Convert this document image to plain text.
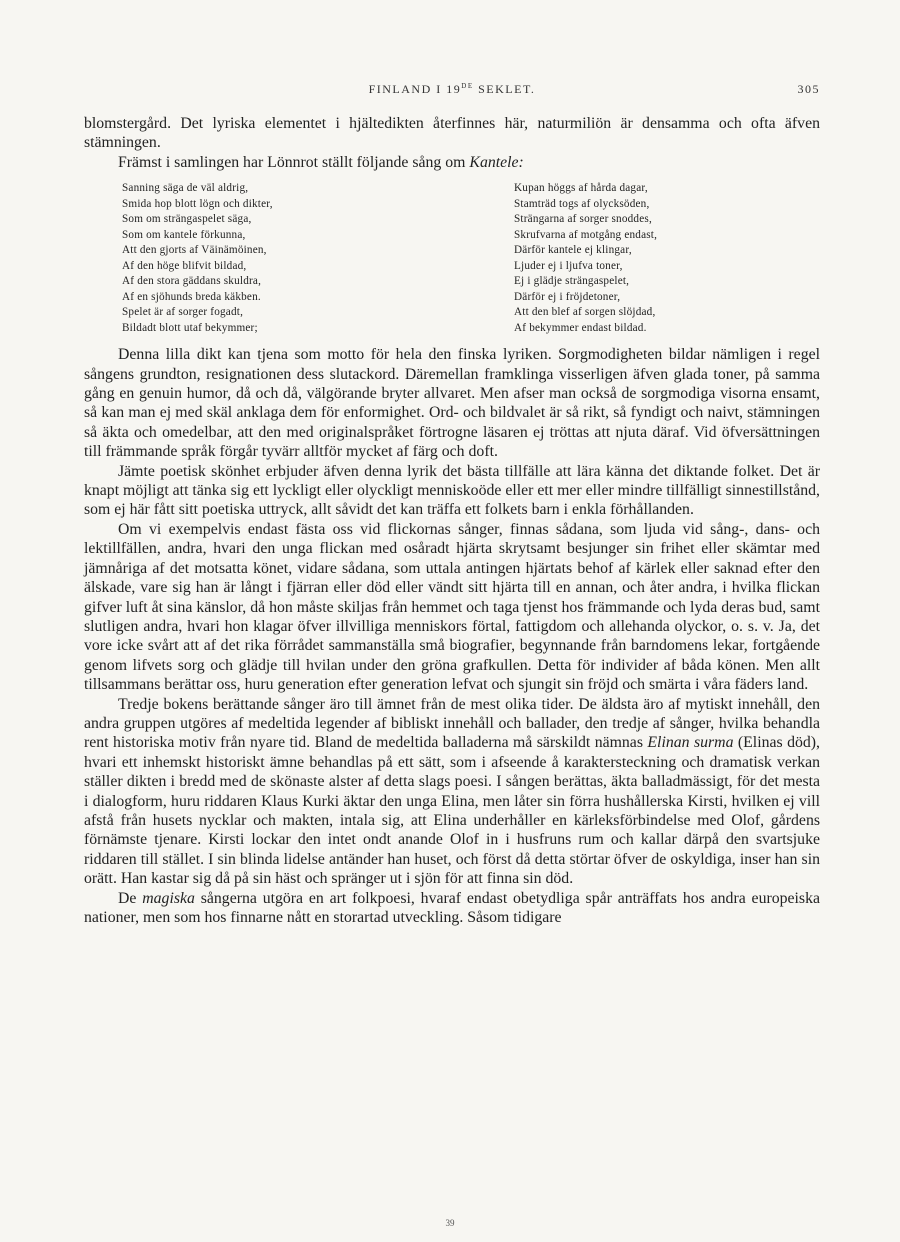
FINLAND I 19DE SEKLET.	305

blomstergård. Det lyriska elementet i hjältedikten återfinnes här, naturmiliön är densamma och ofta äfven stämningen.

Främst i samlingen har Lönnrot ställt följande sång om Kantele:

Sanning säga de väl aldrig,
Smida hop blott lögn och dikter,
Som om strängaspelet säga,
Som om kantele förkunna,
Att den gjorts af Väinämöinen,
Af den höge blifvit bildad,
Af den stora gäddans skuldra,
Af en sjöhunds breda käkben.
Spelet är af sorger fogadt,
Bildadt blott utaf bekymmer;
Kupan höggs af hårda dagar,
Stamträd togs af olycksöden,
Strängarna af sorger snoddes,
Skrufvarna af motgång endast,
Därför kantele ej klingar,
Ljuder ej i ljufva toner,
Ej i glädje strängaspelet,
Därför ej i fröjdetoner,
Att den blef af sorgen slöjdad,
Af bekymmer endast bildad.

Denna lilla dikt kan tjena som motto för hela den finska lyriken. Sorgmodigheten bildar nämligen i regel sångens grundton, resignationen dess slutackord. Däremellan framklinga visserligen äfven glada toner, på samma gång en genuin humor, då och då, välgörande bryter allvaret. Men afser man också de sorgmodiga visorna ensamt, så kan man ej med skäl anklaga dem för enformighet. Ord- och bildvalet är så rikt, så fyndigt och naivt, stämningen så äkta och omedelbar, att den med originalspråket förtrogne läsaren ej tröttas att njuta däraf. Vid öfversättningen till främmande språk förgår tyvärr alltför mycket af färg och doft.

Jämte poetisk skönhet erbjuder äfven denna lyrik det bästa tillfälle att lära känna det diktande folket. Det är knapt möjligt att tänka sig ett lyckligt eller olyckligt menniskoöde eller ett mer eller mindre tillfälligt sinnestillstånd, som ej här fått sitt poetiska uttryck, allt såvidt det kan träffa ett folkets barn i enkla förhållanden.

Om vi exempelvis endast fästa oss vid flickornas sånger, finnas sådana, som ljuda vid sång-, dans- och lektillfällen, andra, hvari den unga flickan med osåradt hjärta skrytsamt besjunger sin frihet eller skämtar med jämnåriga af det motsatta könet, vidare sådana, som uttala antingen hjärtats behof af kärlek eller saknad efter den älskade, vare sig han är långt i fjärran eller död eller vändt sitt hjärta till en annan, och åter andra, i hvilka flickan gifver luft åt sina känslor, då hon måste skiljas från hemmet och taga tjenst hos främmande och lyda deras bud, samt slutligen andra, hvari hon klagar öfver illvilliga menniskors förtal, fattigdom och allehanda olyckor, o. s. v. Ja, det vore icke svårt att af det rika förrådet sammanställa små biografier, begynnande från barndomens lekar, fortgående genom lifvets sorg och glädje till hvilan under den gröna grafkullen. Detta för individer af båda könen. Men allt tillsammans berättar oss, huru generation efter generation lefvat och sjungit sin fröjd och smärta i våra fäders land.

Tredje bokens berättande sånger äro till ämnet från de mest olika tider. De äldsta äro af mytiskt innehåll, den andra gruppen utgöres af medeltida legender af bibliskt innehåll och ballader, den tredje af sånger, hvilka behandla rent historiska motiv från nyare tid. Bland de medeltida balladerna må särskildt nämnas Elinan surma (Elinas död), hvari ett inhemskt historiskt ämne behandlas på ett sätt, som i afseende å karaktersteckning och dramatisk verkan ställer dikten i bredd med de skönaste alster af detta slags poesi. I sången berättas, äkta balladmässigt, för det mesta i dialogform, huru riddaren Klaus Kurki äktar den unga Elina, men låter sin förra hushållerska Kirsti, hvilken ej vill afstå från husets nycklar och makten, intala sig, att Elina underhåller en kärleksförbindelse med Olof, gårdens förnämste tjenare. Kirsti lockar den intet ondt anande Olof in i husfruns rum och kallar därpå den svartsjuke riddaren till stället. I sin blinda lidelse antänder han huset, och först då detta störtar öfver de oskyldiga, inser han sin orätt. Han kastar sig då på sin häst och spränger ut i sjön för att finna sin död.

De magiska sångerna utgöra en art folkpoesi, hvaraf endast obetydliga spår anträffats hos andra europeiska nationer, men som hos finnarne nått en storartad utveckling. Såsom tidigare

39
